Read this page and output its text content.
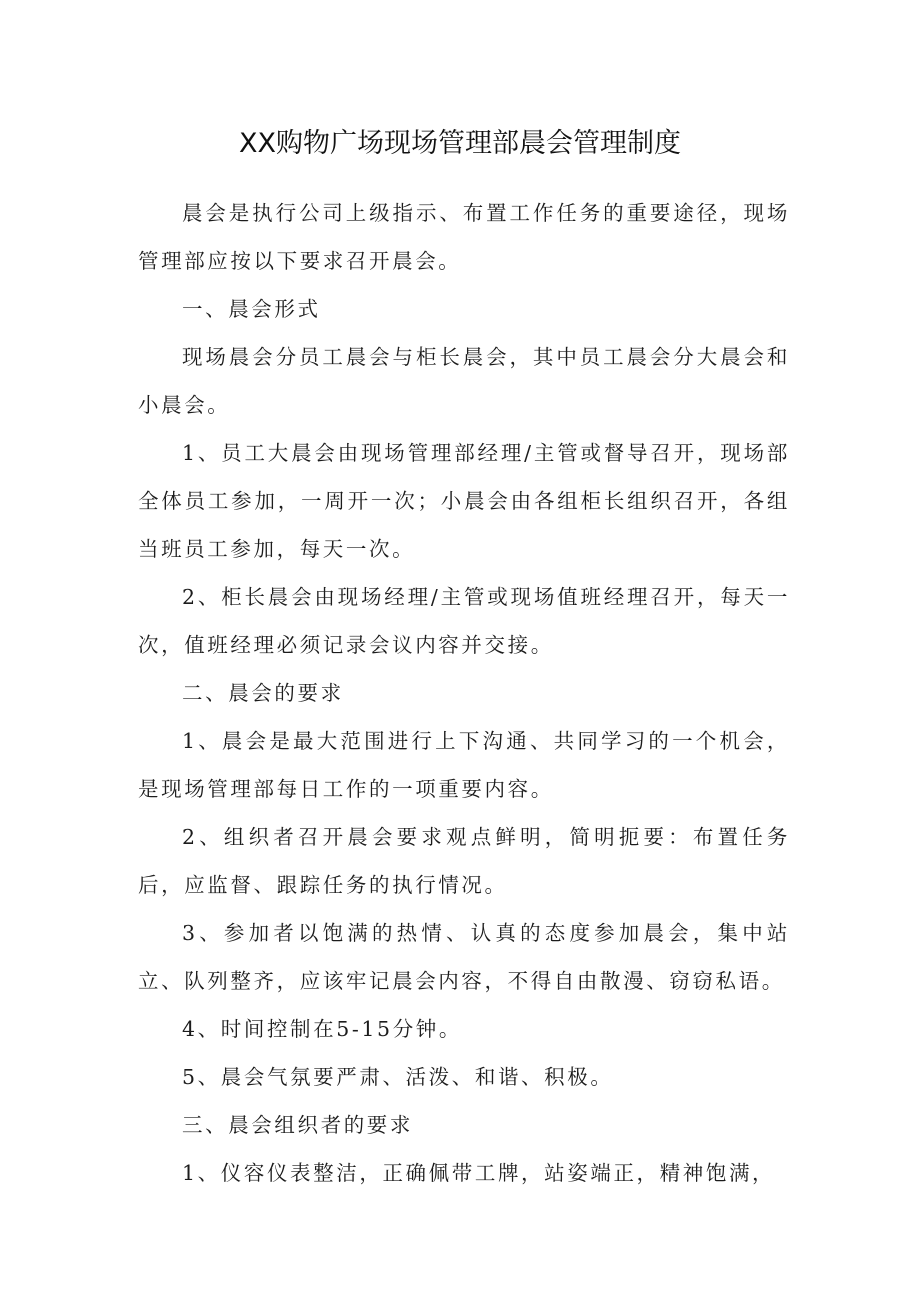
XX购物广场现场管理部晨会管理制度

晨会是执行公司上级指示、布置工作任务的重要途径，现场管理部应按以下要求召开晨会。

一、晨会形式

现场晨会分员工晨会与柜长晨会，其中员工晨会分大晨会和小晨会。

1、员工大晨会由现场管理部经理/主管或督导召开，现场部全体员工参加，一周开一次；小晨会由各组柜长组织召开，各组当班员工参加，每天一次。

2、柜长晨会由现场经理/主管或现场值班经理召开，每天一次，值班经理必须记录会议内容并交接。

二、晨会的要求

1、晨会是最大范围进行上下沟通、共同学习的一个机会，是现场管理部每日工作的一项重要内容。

2、组织者召开晨会要求观点鲜明，简明扼要：布置任务后，应监督、跟踪任务的执行情况。

3、参加者以饱满的热情、认真的态度参加晨会，集中站立、队列整齐，应该牢记晨会内容，不得自由散漫、窃窃私语。

4、时间控制在5-15分钟。

5、晨会气氛要严肃、活泼、和谐、积极。

三、晨会组织者的要求

1、仪容仪表整洁，正确佩带工牌，站姿端正，精神饱满，
